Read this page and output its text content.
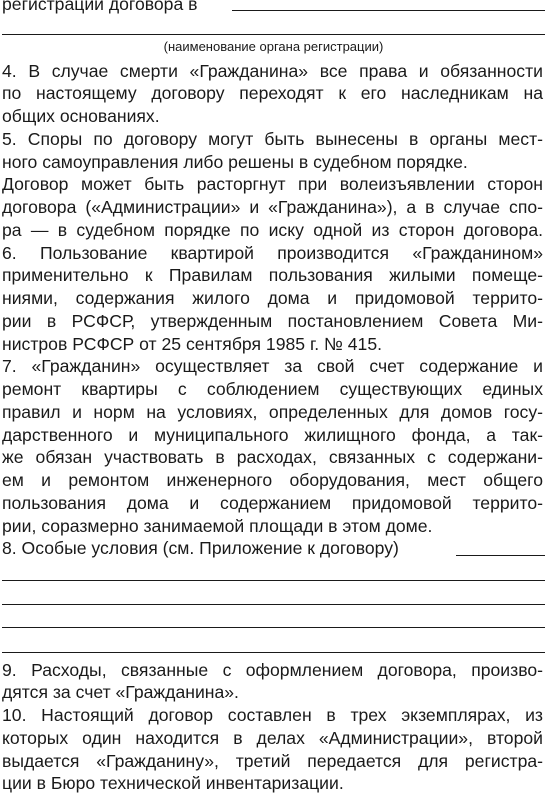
регистрации договора в
(наименование органа регистрации)
4. В случае смерти «Гражданина» все права и обязанности
по настоящему договору переходят к его наследникам на
общих основаниях.
5. Споры по договору могут быть вынесены в органы мест-
ного самоуправления либо решены в судебном порядке.
Договор может быть расторгнут при волеизъявлении сторон
договора («Администрации» и «Гражданина»), а в случае спо-
ра — в судебном порядке по иску одной из сторон договора.
6. Пользование квартирой производится «Гражданином»
применительно к Правилам пользования жилыми помеще-
ниями, содержания жилого дома и придомовой террито-
рии в РСФСР, утвержденным постановлением Совета Ми-
нистров РСФСР от 25 сентября 1985 г. № 415.
7. «Гражданин» осуществляет за свой счет содержание и
ремонт квартиры с соблюдением существующих единых
правил и норм на условиях, определенных для домов госу-
дарственного и муниципального жилищного фонда, а так-
же обязан участвовать в расходах, связанных с содержани-
ем и ремонтом инженерного оборудования, мест общего
пользования дома и содержанием придомовой террито-
рии, соразмерно занимаемой площади в этом доме.
8. Особые условия (см. Приложение к договору)
9. Расходы, связанные с оформлением договора, произво-
дятся за счет «Гражданина».
10. Настоящий договор составлен в трех экземплярах, из
которых один находится в делах «Администрации», второй
выдается «Гражданину», третий передается для регистра-
ции в Бюро технической инвентаризации.
